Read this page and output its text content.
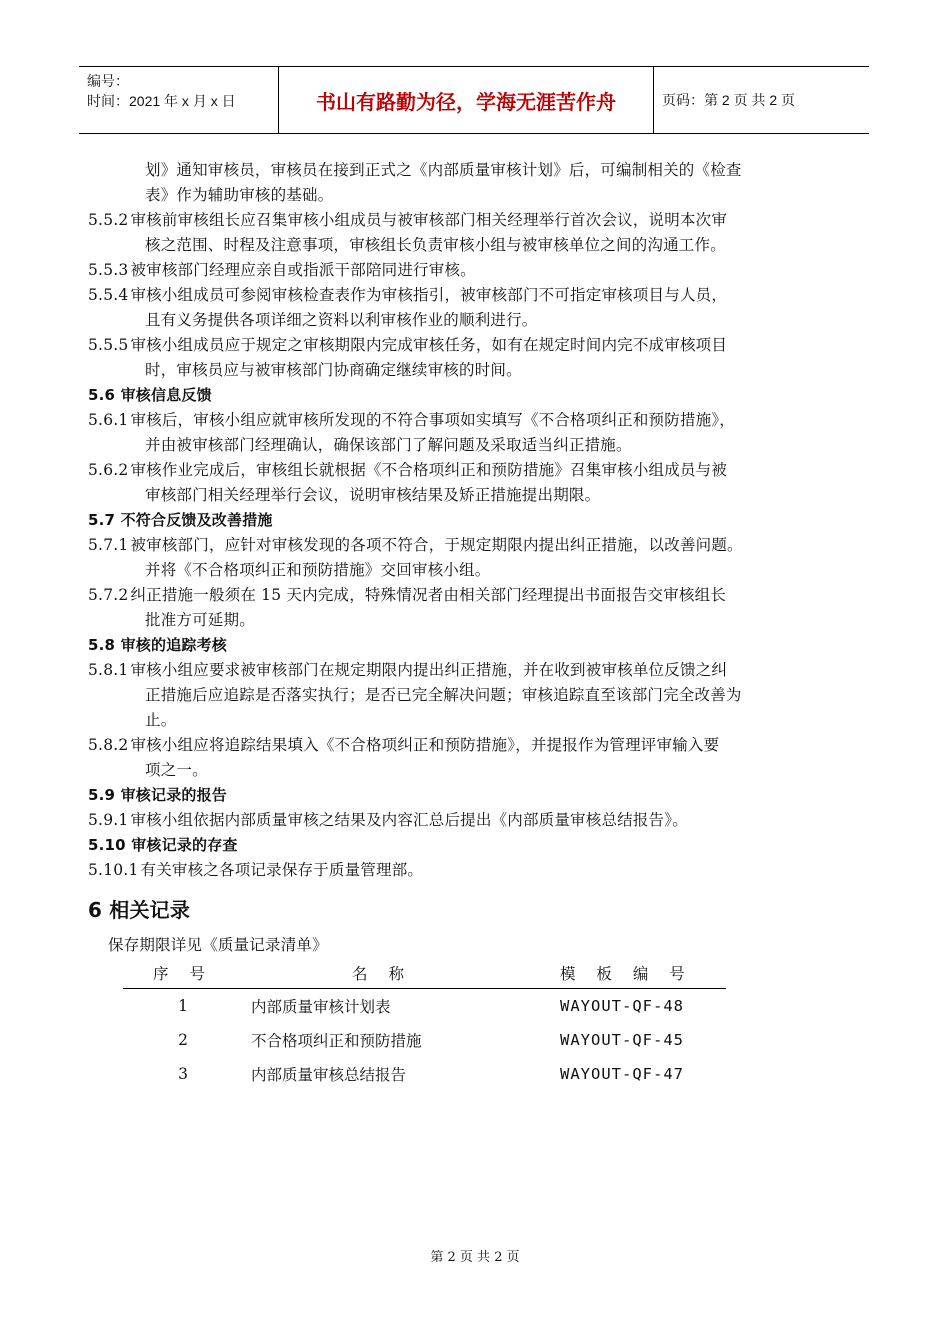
编号：
时间：2021 年 x 月 x 日	书山有路勤为径，学海无涯苦作舟	页码：第 2 页 共 2 页
划》通知审核员，审核员在接到正式之《内部质量审核计划》后，可编制相关的《检查
表》作为辅助审核的基础。
5.5.2 审核前审核组长应召集审核小组成员与被审核部门相关经理举行首次会议，说明本次审
核之范围、时程及注意事项，审核组长负责审核小组与被审核单位之间的沟通工作。
5.5.3 被审核部门经理应亲自或指派干部陪同进行审核。
5.5.4 审核小组成员可参阅审核检查表作为审核指引，被审核部门不可指定审核项目与人员，
且有义务提供各项详细之资料以利审核作业的顺利进行。
5.5.5 审核小组成员应于规定之审核期限内完成审核任务，如有在规定时间内完不成审核项目
时，审核员应与被审核部门协商确定继续审核的时间。
5.6 审核信息反馈
5.6.1 审核后，审核小组应就审核所发现的不符合事项如实填写《不合格项纠正和预防措施》，
并由被审核部门经理确认，确保该部门了解问题及采取适当纠正措施。
5.6.2 审核作业完成后，审核组长就根据《不合格项纠正和预防措施》召集审核小组成员与被
审核部门相关经理举行会议，说明审核结果及矫正措施提出期限。
5.7 不符合反馈及改善措施
5.7.1 被审核部门，应针对审核发现的各项不符合，于规定期限内提出纠正措施，以改善问题。
并将《不合格项纠正和预防措施》交回审核小组。
5.7.2 纠正措施一般须在 15 天内完成，特殊情况者由相关部门经理提出书面报告交审核组长
批准方可延期。
5.8 审核的追踪考核
5.8.1 审核小组应要求被审核部门在规定期限内提出纠正措施，并在收到被审核单位反馈之纠
正措施后应追踪是否落实执行；是否已完全解决问题；审核追踪直至该部门完全改善为
止。
5.8.2 审核小组应将追踪结果填入《不合格项纠正和预防措施》，并提报作为管理评审输入要
项之一。
5.9 审核记录的报告
5.9.1 审核小组依据内部质量审核之结果及内容汇总后提出《内部质量审核总结报告》。
5.10 审核记录的存查
5.10.1 有关审核之各项记录保存于质量管理部。
6 相关记录
保存期限详见《质量记录清单》
序 号	名 称	模 板 编 号
1	内部质量审核计划表	WAYOUT-QF-48
2	不合格项纠正和预防措施	WAYOUT-QF-45
3	内部质量审核总结报告	WAYOUT-QF-47
第 2 页 共 2 页
